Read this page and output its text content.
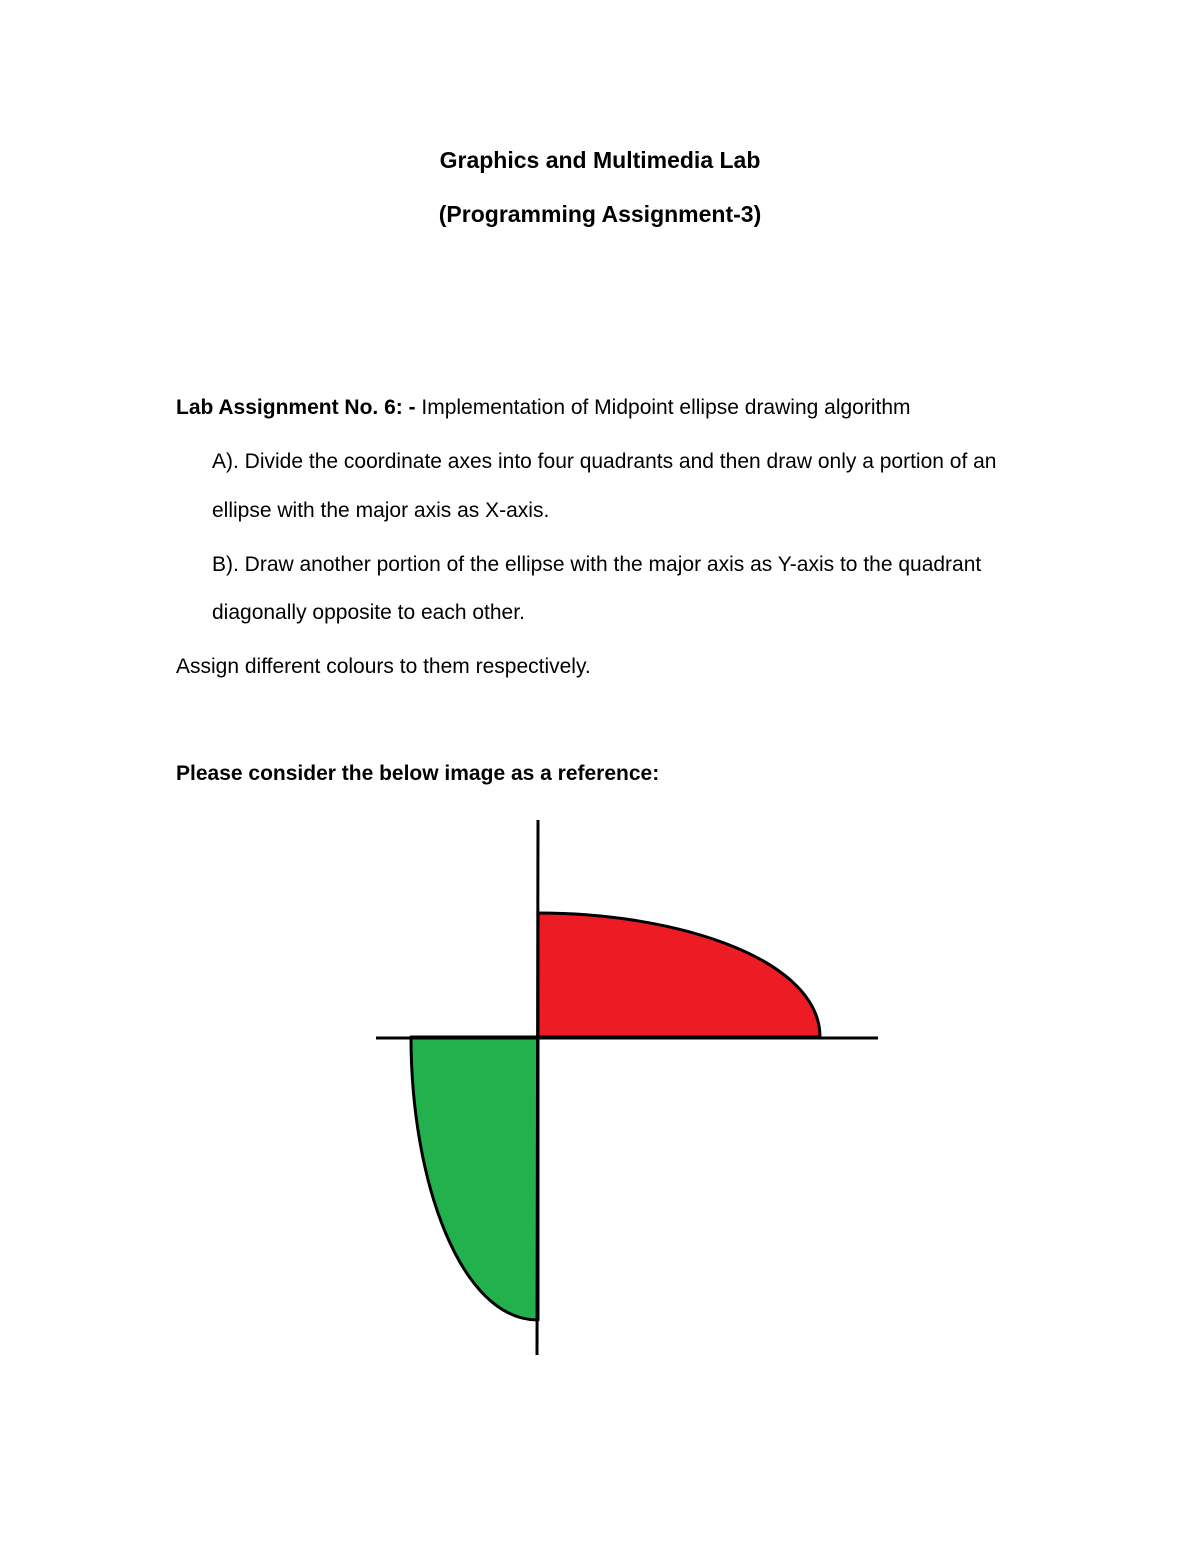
Graphics and Multimedia Lab
(Programming Assignment-3)
Lab Assignment No. 6: - Implementation of Midpoint ellipse drawing algorithm
A). Divide the coordinate axes into four quadrants and then draw only a portion of an
ellipse with the major axis as X-axis.
B). Draw another portion of the ellipse with the major axis as Y-axis to the quadrant
diagonally opposite to each other.
Assign different colours to them respectively.
Please consider the below image as a reference:
